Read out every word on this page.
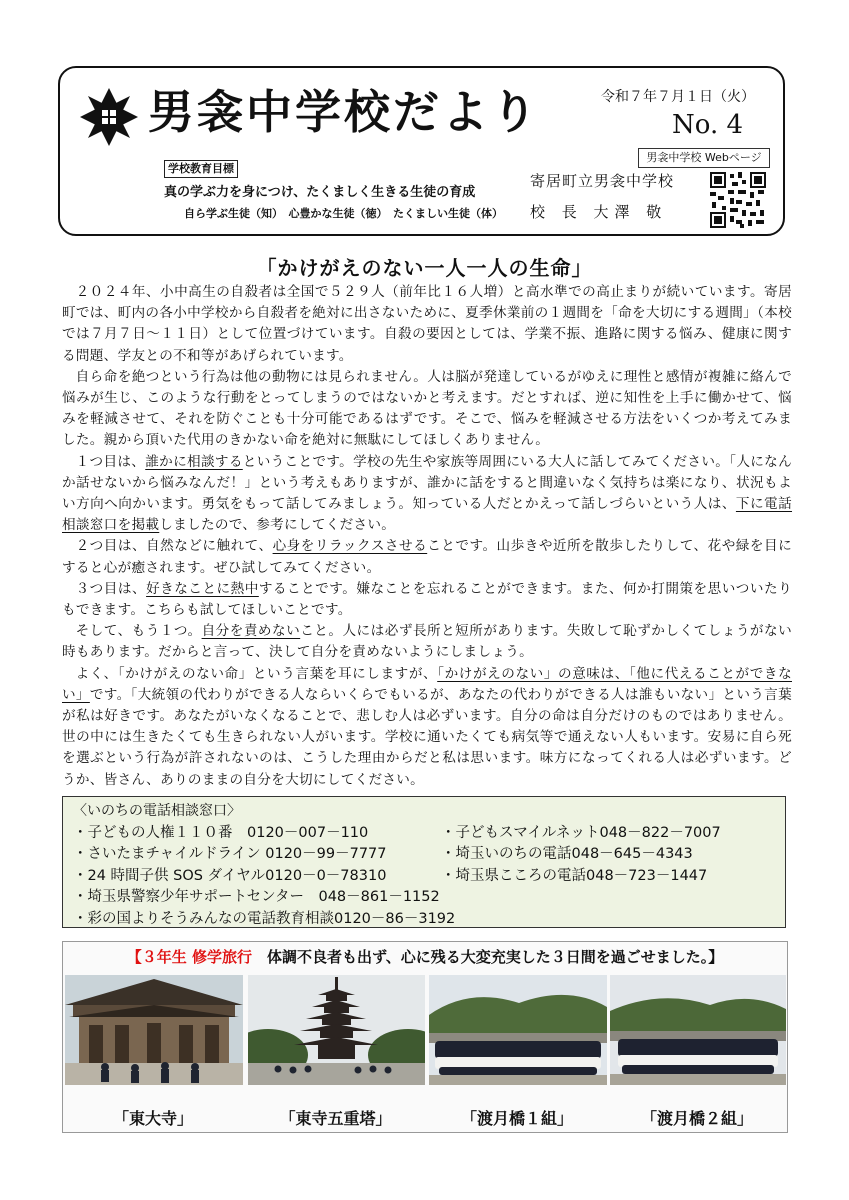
男衾中学校だより	令和７年７月１日（火）
No. 4
男衾中学校 Webページ
学校教育目標
真の学ぶ力を身につけ、たくましく生きる生徒の育成
自ら学ぶ生徒（知）　心豊かな生徒（徳）　たくましい生徒（体）
寄居町立男衾中学校
校 長 大澤 敬
「かけがえのない一人一人の生命」

２０２４年、小中高生の自殺者は全国で５２９人（前年比１６人増）と高水準での高止まりが続いています。寄居町では、町内の各小中学校から自殺者を絶対に出さないために、夏季休業前の１週間を「命を大切にする週間」（本校では７月７日～１１日）として位置づけています。自殺の要因としては、学業不振、進路に関する悩み、健康に関する問題、学友との不和等があげられています。

自ら命を絶つという行為は他の動物には見られません。人は脳が発達しているがゆえに理性と感情が複雑に絡んで悩みが生じ、このような行動をとってしまうのではないかと考えます。だとすれば、逆に知性を上手に働かせて、悩みを軽減させて、それを防ぐことも十分可能であるはずです。そこで、悩みを軽減させる方法をいくつか考えてみました。親から頂いた代用のきかない命を絶対に無駄にしてほしくありません。

１つ目は、誰かに相談するということです。学校の先生や家族等周囲にいる大人に話してみてください。「人になんか話せないから悩みなんだ！」という考えもありますが、誰かに話をすると間違いなく気持ちは楽になり、状況もよい方向へ向かいます。勇気をもって話してみましょう。知っている人だとかえって話しづらいという人は、下に電話相談窓口を掲載しましたので、参考にしてください。

２つ目は、自然などに触れて、心身をリラックスさせることです。山歩きや近所を散歩したりして、花や緑を目にすると心が癒されます。ぜひ試してみてください。

３つ目は、好きなことに熱中することです。嫌なことを忘れることができます。また、何か打開策を思いついたりもできます。こちらも試してほしいことです。

そして、もう１つ。自分を責めないこと。人には必ず長所と短所があります。失敗して恥ずかしくてしょうがない時もあります。だからと言って、決して自分を責めないようにしましょう。

よく、「かけがえのない命」という言葉を耳にしますが、「かけがえのない」の意味は、「他に代えることができない」です。「大統領の代わりができる人ならいくらでもいるが、あなたの代わりができる人は誰もいない」という言葉が私は好きです。あなたがいなくなることで、悲しむ人は必ずいます。自分の命は自分だけのものではありません。世の中には生きたくても生きられない人がいます。学校に通いたくても病気等で通えない人もいます。安易に自ら死を選ぶという行為が許されないのは、こうした理由からだと私は思います。味方になってくれる人は必ずいます。どうか、皆さん、ありのままの自分を大切にしてください。

〈いのちの電話相談窓口〉
・子どもの人権１１０番　0120－007－110	・子どもスマイルネット048－822－7007
・さいたまチャイルドライン 0120－99－7777	・埼玉いのちの電話048－645－4343
・24 時間子供 SOS ダイヤル0120－0－78310	・埼玉県こころの電話048－723－1447
・埼玉県警察少年サポートセンター　048－861－1152
・彩の国よりそうみんなの電話教育相談0120－86－3192
【３年生 修学旅行　 体調不良者も出ず、心に残る大変充実した３日間を過ごせました。】
「東大寺」	「東寺五重塔」	「渡月橋１組」	「渡月橋２組」
